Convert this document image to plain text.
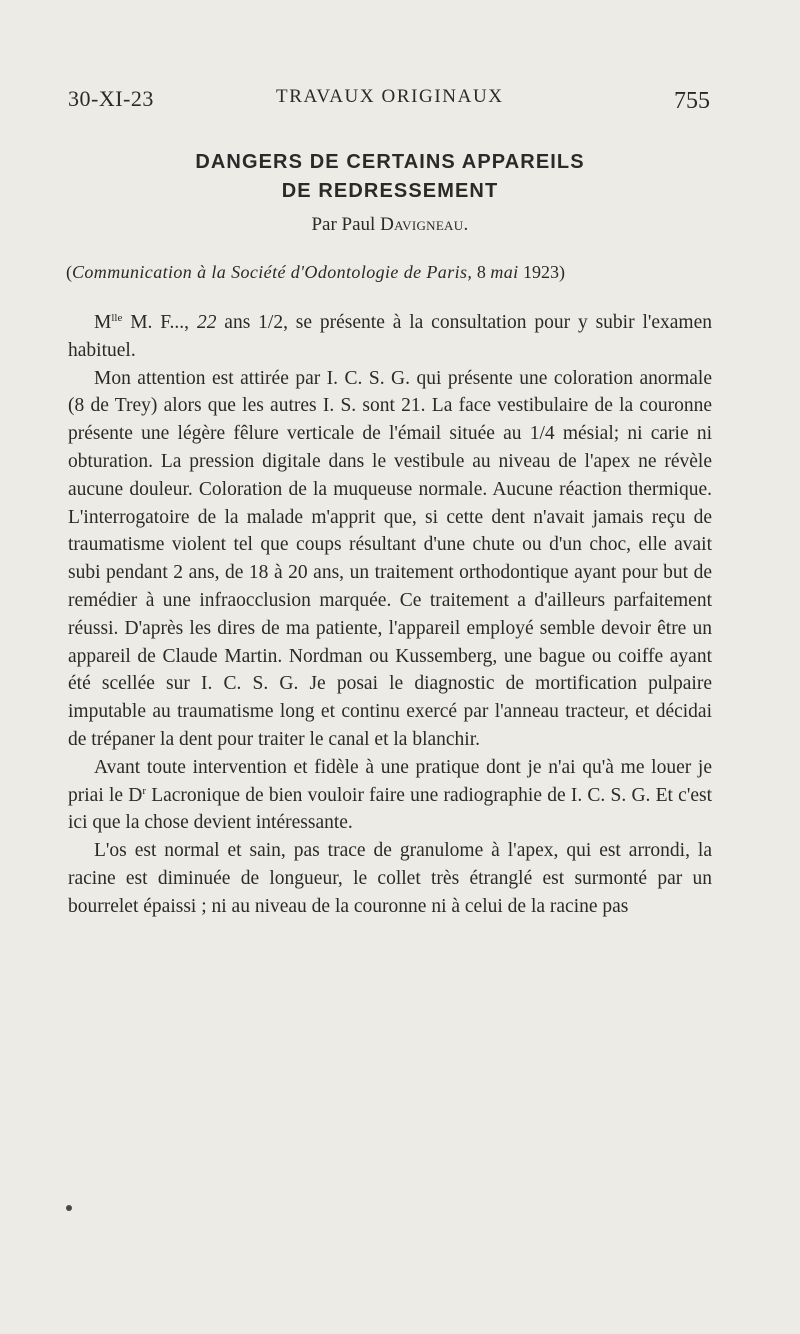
30-XI-23	TRAVAUX ORIGINAUX	755
DANGERS DE CERTAINS APPAREILS
DE REDRESSEMENT

Par Paul Davigneau.

(Communication à la Société d'Odontologie de Paris, 8 mai 1923)

$M^{lle}$ M. F..., 22 ans 1/2, se présente à la consultation pour y subir l'examen habituel.

Mon attention est attirée par I. C. S. G. qui présente une coloration anormale (8 de Trey) alors que les autres I. S. sont 21. La face vestibulaire de la couronne présente une légère fêlure verticale de l'émail située au 1/4 mésial; ni carie ni obturation. La pression digitale dans le vestibule au niveau de l'apex ne révèle aucune douleur. Coloration de la muqueuse normale. Aucune réaction thermique. L'interrogatoire de la malade m'apprit que, si cette dent n'avait jamais reçu de traumatisme violent tel que coups résultant d'une chute ou d'un choc, elle avait subi pendant 2 ans, de 18 à 20 ans, un traitement orthodontique ayant pour but de remédier à une infraocclusion marquée. Ce traitement a d'ailleurs parfaitement réussi. D'après les dires de ma patiente, l'appareil employé semble devoir être un appareil de Claude Martin. Nordman ou Kussemberg, une bague ou coiffe ayant été scellée sur I. C. S. G. Je posai le diagnostic de mortification pulpaire imputable au traumatisme long et continu exercé par l'anneau tracteur, et décidai de trépaner la dent pour traiter le canal et la blanchir.

Avant toute intervention et fidèle à une pratique dont je n'ai qu'à me louer je priai le $D^r$ Lacronique de bien vouloir faire une radiographie de I. C. S. G. Et c'est ici que la chose devient intéressante.

L'os est normal et sain, pas trace de granulome à l'apex, qui est arrondi, la racine est diminuée de longueur, le collet très étranglé est surmonté par un bourrelet épaissi ; ni au niveau de la couronne ni à celui de la racine pas
